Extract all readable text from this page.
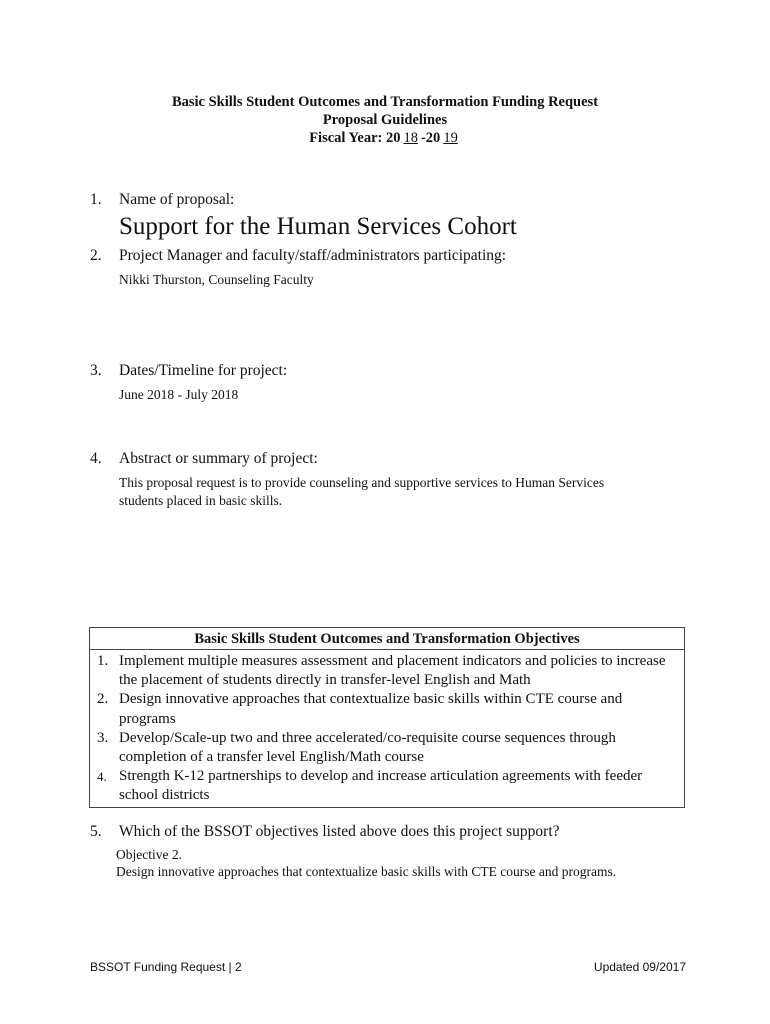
Basic Skills Student Outcomes and Transformation Funding Request
Proposal Guidelines
Fiscal Year: 20 18 -20 19
1. Name of proposal:
Support for the Human Services Cohort
2. Project Manager and faculty/staff/administrators participating:
Nikki Thurston, Counseling Faculty
3. Dates/Timeline for project:
June 2018 - July 2018
4. Abstract or summary of project:
This proposal request is to provide counseling and supportive services to Human Services
students placed in basic skills.
Basic Skills Student Outcomes and Transformation Objectives
1. Implement multiple measures assessment and placement indicators and policies to increase the placement of students directly in transfer-level English and Math
2. Design innovative approaches that contextualize basic skills within CTE course and programs
3. Develop/Scale-up two and three accelerated/co-requisite course sequences through completion of a transfer level English/Math course
4. Strength K-12 partnerships to develop and increase articulation agreements with feeder school districts
5. Which of the BSSOT objectives listed above does this project support?
Objective 2.
Design innovative approaches that contextualize basic skills with CTE course and programs.
BSSOT Funding Request | 2	Updated 09/2017
